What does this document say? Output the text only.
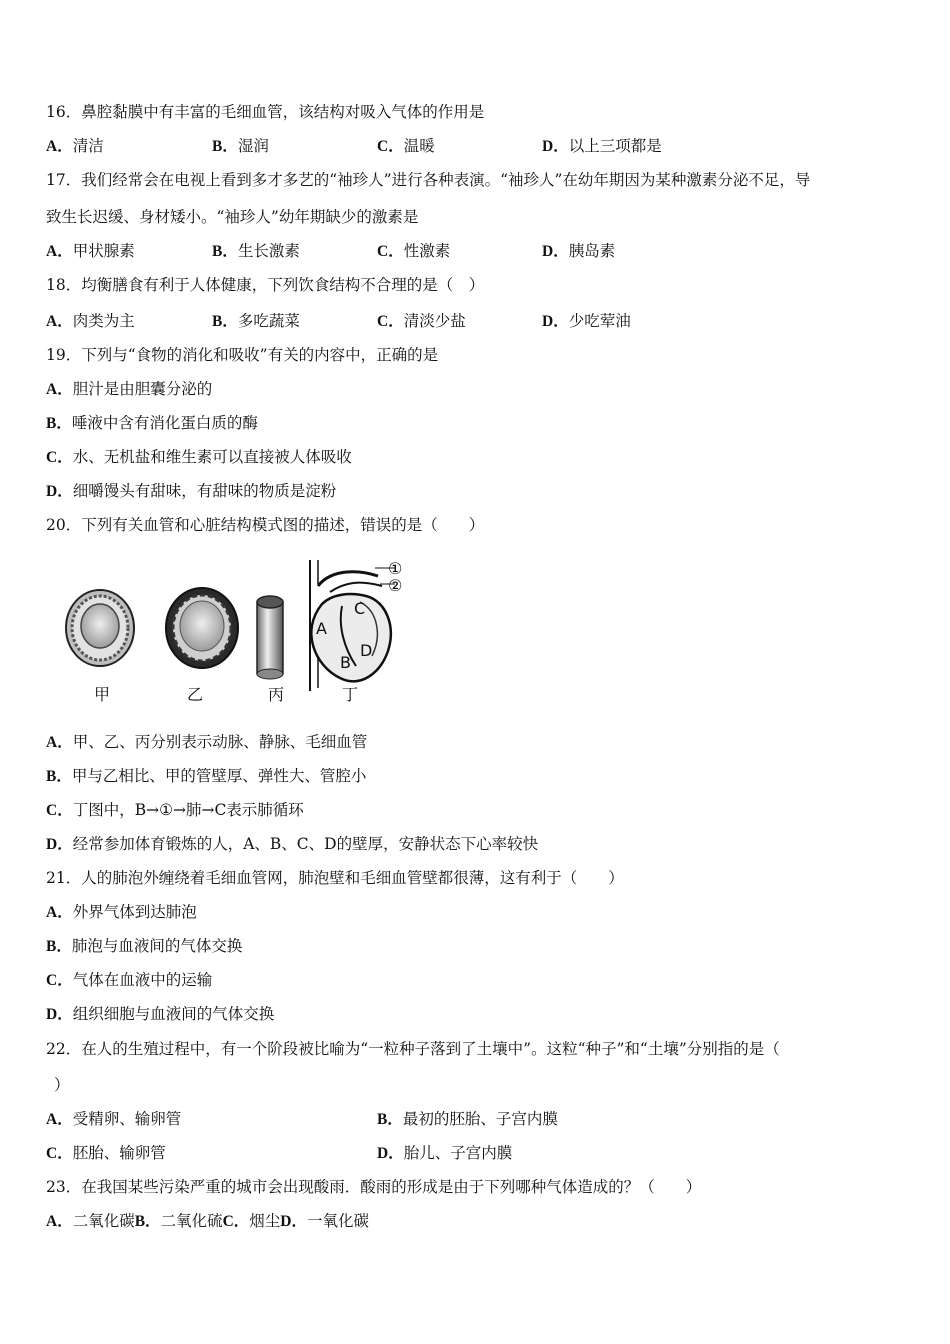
16．鼻腔黏膜中有丰富的毛细血管，该结构对吸入气体的作用是
A．清洁	B．湿润	C．温暖	D．以上三项都是
17．我们经常会在电视上看到多才多艺的“袖珍人”进行各种表演。“袖珍人”在幼年期因为某种激素分泌不足，导
致生长迟缓、身材矮小。“袖珍人”幼年期缺少的激素是
A．甲状腺素	B．生长激素	C．性激素	D．胰岛素
18．均衡膳食有利于人体健康，下列饮食结构不合理的是（　）
A．肉类为主	B．多吃蔬菜	C．清淡少盐	D．少吃荤油
19．下列与“食物的消化和吸收”有关的内容中，正确的是
A．胆汁是由胆囊分泌的
B．唾液中含有消化蛋白质的酶
C．水、无机盐和维生素可以直接被人体吸收
D．细嚼馒头有甜味，有甜味的物质是淀粉
20．下列有关血管和心脏结构模式图的描述，错误的是（　　）
①
②
A
B
C
D
甲	乙	丙	丁
A．甲、乙、丙分别表示动脉、静脉、毛细血管
B．甲与乙相比、甲的管壁厚、弹性大、管腔小
C．丁图中，B→①→肺→C表示肺循环
D．经常参加体育锻炼的人，A、B、C、D的壁厚，安静状态下心率较快
21．人的肺泡外缠绕着毛细血管网，肺泡壁和毛细血管壁都很薄，这有利于（　　）
A．外界气体到达肺泡
B．肺泡与血液间的气体交换
C．气体在血液中的运输
D．组织细胞与血液间的气体交换
22．在人的生殖过程中，有一个阶段被比喻为“一粒种子落到了土壤中”。这粒“种子”和“土壤”分别指的是（
）
A．受精卵、输卵管	B．最初的胚胎、子宫内膜
C．胚胎、输卵管	D．胎儿、子宫内膜
23．在我国某些污染严重的城市会出现酸雨．酸雨的形成是由于下列哪种气体造成的？（　　）
A．二氧化碳B．二氧化硫C．烟尘D．一氧化碳
